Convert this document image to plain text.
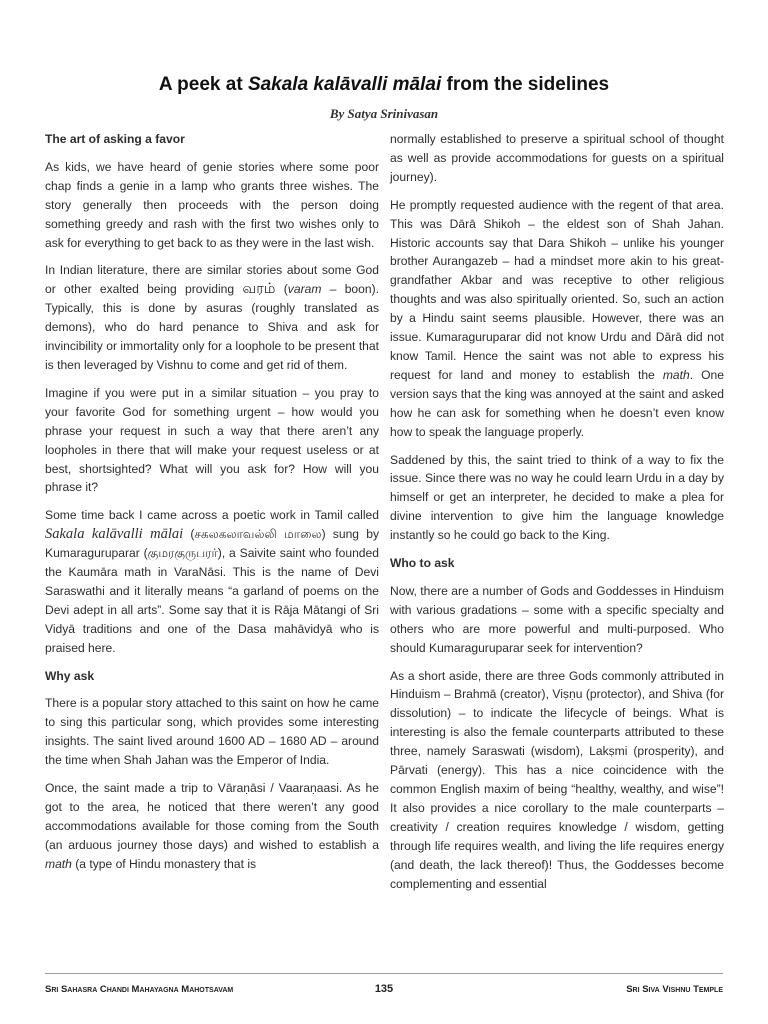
A peek at Sakala kalāvalli mālai from the sidelines
By Satya Srinivasan
The art of asking a favor

As kids, we have heard of genie stories where some poor chap finds a genie in a lamp who grants three wishes. The story generally then proceeds with the person doing something greedy and rash with the first two wishes only to ask for everything to get back to as they were in the last wish.

In Indian literature, there are similar stories about some God or other exalted being providing வரம் (varam – boon). Typically, this is done by asuras (roughly translated as demons), who do hard penance to Shiva and ask for invincibility or immortality only for a loophole to be present that is then leveraged by Vishnu to come and get rid of them.

Imagine if you were put in a similar situation – you pray to your favorite God for something urgent – how would you phrase your request in such a way that there aren’t any loopholes in there that will make your request useless or at best, shortsighted? What will you ask for? How will you phrase it?

Some time back I came across a poetic work in Tamil called Sakala kalāvalli mālai (சகலகலாவல்லி மாலை) sung by Kumaraguruparar (குமரகுருபரர்), a Saivite saint who founded the Kaumāra math in VaraNāsi. This is the name of Devi Saraswathi and it literally means “a garland of poems on the Devi adept in all arts”. Some say that it is Rāja Mātangi of Sri Vidyā traditions and one of the Dasa mahāvidyā who is praised here.

Why ask

There is a popular story attached to this saint on how he came to sing this particular song, which provides some interesting insights. The saint lived around 1600 AD – 1680 AD – around the time when Shah Jahan was the Emperor of India.

Once, the saint made a trip to Vāraṇāsi / Vaaraṇaasi. As he got to the area, he noticed that there weren’t any good accommodations available for those coming from the South (an arduous journey those days) and wished to establish a math (a type of Hindu monastery that is

normally established to preserve a spiritual school of thought as well as provide accommodations for guests on a spiritual journey).

He promptly requested audience with the regent of that area. This was Dārā Shikoh – the eldest son of Shah Jahan. Historic accounts say that Dara Shikoh – unlike his younger brother Aurangazeb – had a mindset more akin to his great-grandfather Akbar and was receptive to other religious thoughts and was also spiritually oriented. So, such an action by a Hindu saint seems plausible. However, there was an issue. Kumaraguruparar did not know Urdu and Dārā did not know Tamil. Hence the saint was not able to express his request for land and money to establish the math. One version says that the king was annoyed at the saint and asked how he can ask for something when he doesn’t even know how to speak the language properly.

Saddened by this, the saint tried to think of a way to fix the issue. Since there was no way he could learn Urdu in a day by himself or get an interpreter, he decided to make a plea for divine intervention to give him the language knowledge instantly so he could go back to the King.

Who to ask

Now, there are a number of Gods and Goddesses in Hinduism with various gradations – some with a specific specialty and others who are more powerful and multi-purposed. Who should Kumaraguruparar seek for intervention?

As a short aside, there are three Gods commonly attributed in Hinduism – Brahmā (creator), Viṣṇu (protector), and Shiva (for dissolution) – to indicate the lifecycle of beings. What is interesting is also the female counterparts attributed to these three, namely Saraswati (wisdom), Lakṣmi (prosperity), and Pārvati (energy). This has a nice coincidence with the common English maxim of being “healthy, wealthy, and wise”! It also provides a nice corollary to the male counterparts – creativity / creation requires knowledge / wisdom, getting through life requires wealth, and living the life requires energy (and death, the lack thereof)! Thus, the Goddesses become complementing and essential

Sri Sahasra Chandi Mahayagna Mahotsavam	135	Sri Siva Vishnu Temple
